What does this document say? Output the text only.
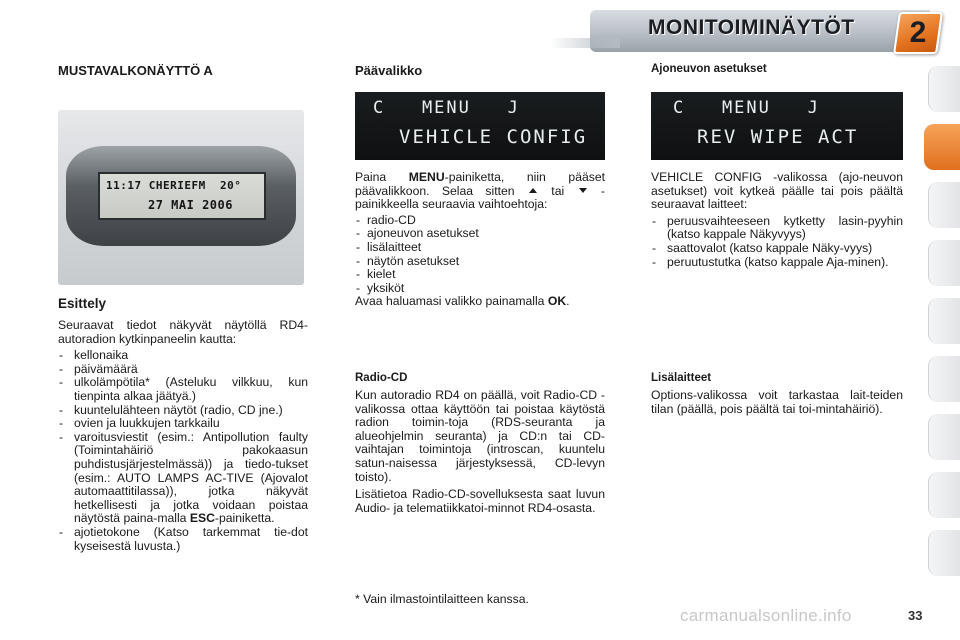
MONITOIMINÄYTÖT	2
MUSTAVALKONÄYTTÖ A
11:17 CHERIEFM  20°
27 MAI 2006
Esittely

Seuraavat tiedot näkyvät näytöllä RD4-autoradion kytkinpaneelin kautta:

- kellonaika
- päivämäärä
- ulkolämpötila* (Asteluku vilkkuu, kun tienpinta alkaa jäätyä.)
- kuuntelulähteen näytöt (radio, CD jne.)
- ovien ja luukkujen tarkkailu
- varoitusviestit (esim.: Antipollution faulty (Toimintahäiriö pakokaasun puhdistusjärjestelmässä)) ja tiedo-tukset (esim.: AUTO LAMPS AC-TIVE (Ajovalot automaattitilassa)), jotka näkyvät hetkellisesti ja jotka voidaan poistaa näytöstä paina-malla ESC-painiketta.
- ajotietokone (Katso tarkemmat tie-dot kyseisestä luvusta.)
Päävalikko
C   MENU   J
VEHICLE CONFIG

Paina MENU-painiketta, niin pääset päävalikkoon. Selaa sitten  tai  -painikkeella seuraavia vaihtoehtoja:

- radio-CD
- ajoneuvon asetukset
- lisälaitteet
- näytön asetukset
- kielet
- yksiköt

Avaa haluamasi valikko painamalla OK.

Radio-CD

Kun autoradio RD4 on päällä, voit Radio-CD -valikossa ottaa käyttöön tai poistaa käytöstä radion toimin-toja (RDS-seuranta ja alueohjelmin seuranta) ja CD:n tai CD-vaihtajan toimintoja (introscan, kuuntelu satun-naisessa järjestyksessä, CD-levyn toisto).

Lisätietoa Radio-CD-sovelluksesta saat luvun Audio- ja telematiikkatoi-minnot RD4-osasta.

* Vain ilmastointilaitteen kanssa.
Ajoneuvon asetukset
C   MENU   J
REV WIPE ACT

VEHICLE CONFIG -valikossa (ajo-neuvon asetukset) voit kytkeä päälle tai pois päältä seuraavat laitteet:

- peruusvaihteeseen kytketty lasin-pyyhin (katso kappale Näkyvyys)
- saattovalot (katso kappale Näky-vyys)
- peruutustutka (katso kappale Aja-minen).
Lisälaitteet

Options-valikossa voit tarkastaa lait-teiden tilan (päällä, pois päältä tai toi-mintahäiriö).

carmanualsonline.info	33
